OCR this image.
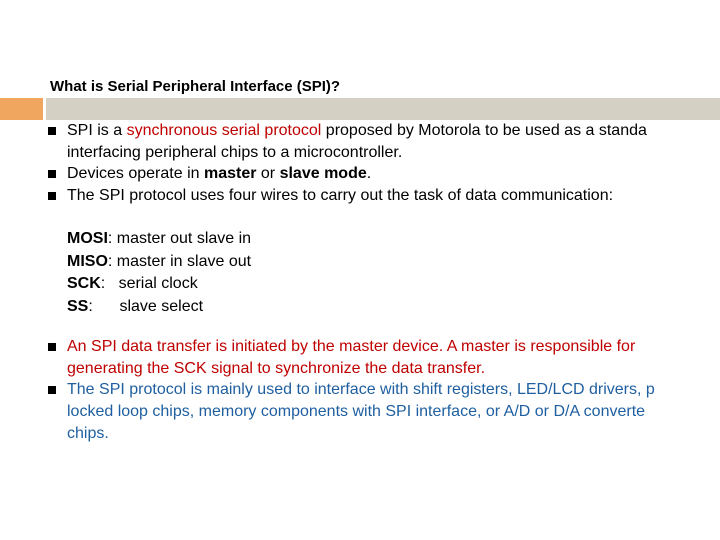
What is Serial Peripheral Interface (SPI)?
SPI is a synchronous serial protocol proposed by Motorola to be used as a standa
interfacing peripheral chips to a microcontroller.
Devices operate in master or slave mode.
The SPI protocol uses four wires to carry out the task of data communication:
MOSI: master out slave in
MISO: master in slave out
SCK:   serial clock
SS:      slave select
An SPI data transfer is initiated by the master device. A master is responsible for
generating the SCK signal to synchronize the data transfer.
The SPI protocol is mainly used to interface with shift registers, LED/LCD drivers, p
locked loop chips, memory components with SPI interface, or A/D or D/A converte
chips.
